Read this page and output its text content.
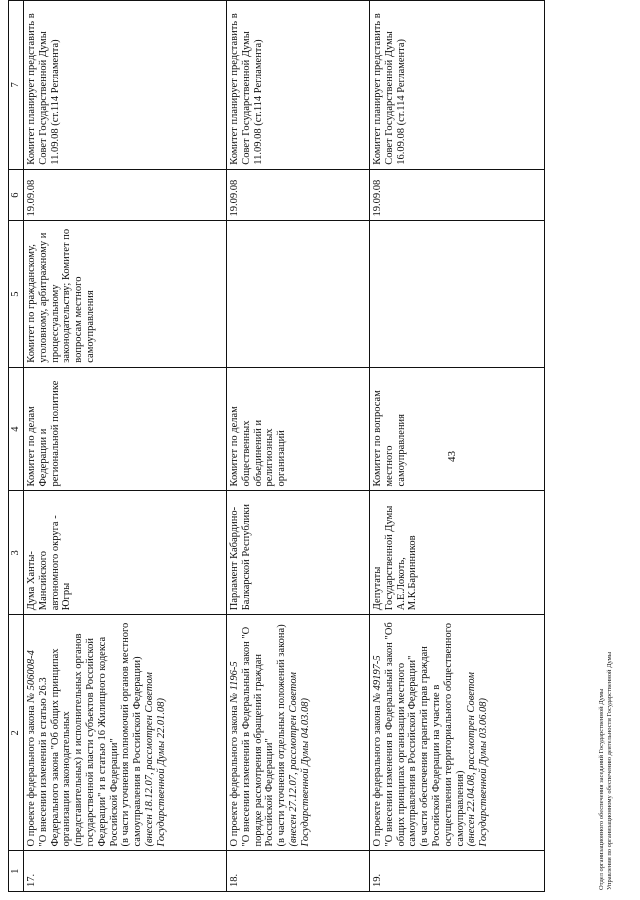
43
1	2	3	4	5	6	7
17.	О проекте федерального закона № 506008-4
"О внесении изменений в статью 26.3 Федерального закона "Об общих принципах организации законодательных (представительных) и исполнительных органов государственной власти субъектов Российской Федерации" и в статью 16 Жилищного кодекса Российской Федерации" (в части уточнения полномочий органов местного самоуправления в Российской Федерации) (внесен 18.12.07, рассмотрен Советом Государственной Думы 22.01.08)	Дума Ханты-Мансийского автономного округа - Югры	Комитет по делам Федерации и региональной политике	Комитет по гражданскому, уголовному, арбитражному и процессуальному законодательству; Комитет по вопросам местного самоуправления	19.09.08	Комитет планирует представить в Совет Государственной Думы 11.09.08 (ст.114 Регламента)
18.	О проекте федерального закона № 1196-5 "О внесении изменений в Федеральный закон "О порядке рассмотрения обращений граждан Российской Федерации" (в части уточнения отдельных положений закона) (внесен 27.12.07, рассмотрен Советом Государственной Думы 04.03.08)	Парламент Кабардино-Балкарской Республики	Комитет по делам общественных объединений и религиозных организаций		19.09.08	Комитет планирует представить в Совет Государственной Думы 11.09.08 (ст.114 Регламента)
19.	О проекте федерального закона № 49197-5 "О внесении изменения в Федеральный закон "Об общих принципах организации местного самоуправления в Российской Федерации" (в части обеспечения гарантий прав граждан Российской Федерации на участие в осуществлении территориального общественного самоуправления) (внесен 22.04.08, рассмотрен Советом Государственной Думы 03.06.08)	Депутаты Государственной Думы А.Е.Локоть, М.К.Баринников	Комитет по вопросам местного самоуправления		19.09.08	Комитет планирует представить в Совет Государственной Думы 16.09.08 (ст.114 Регламента)
Отдел организационного обеспечения заседаний Государственной Думы Управления по организационному обеспечению деятельности Государственной Думы
